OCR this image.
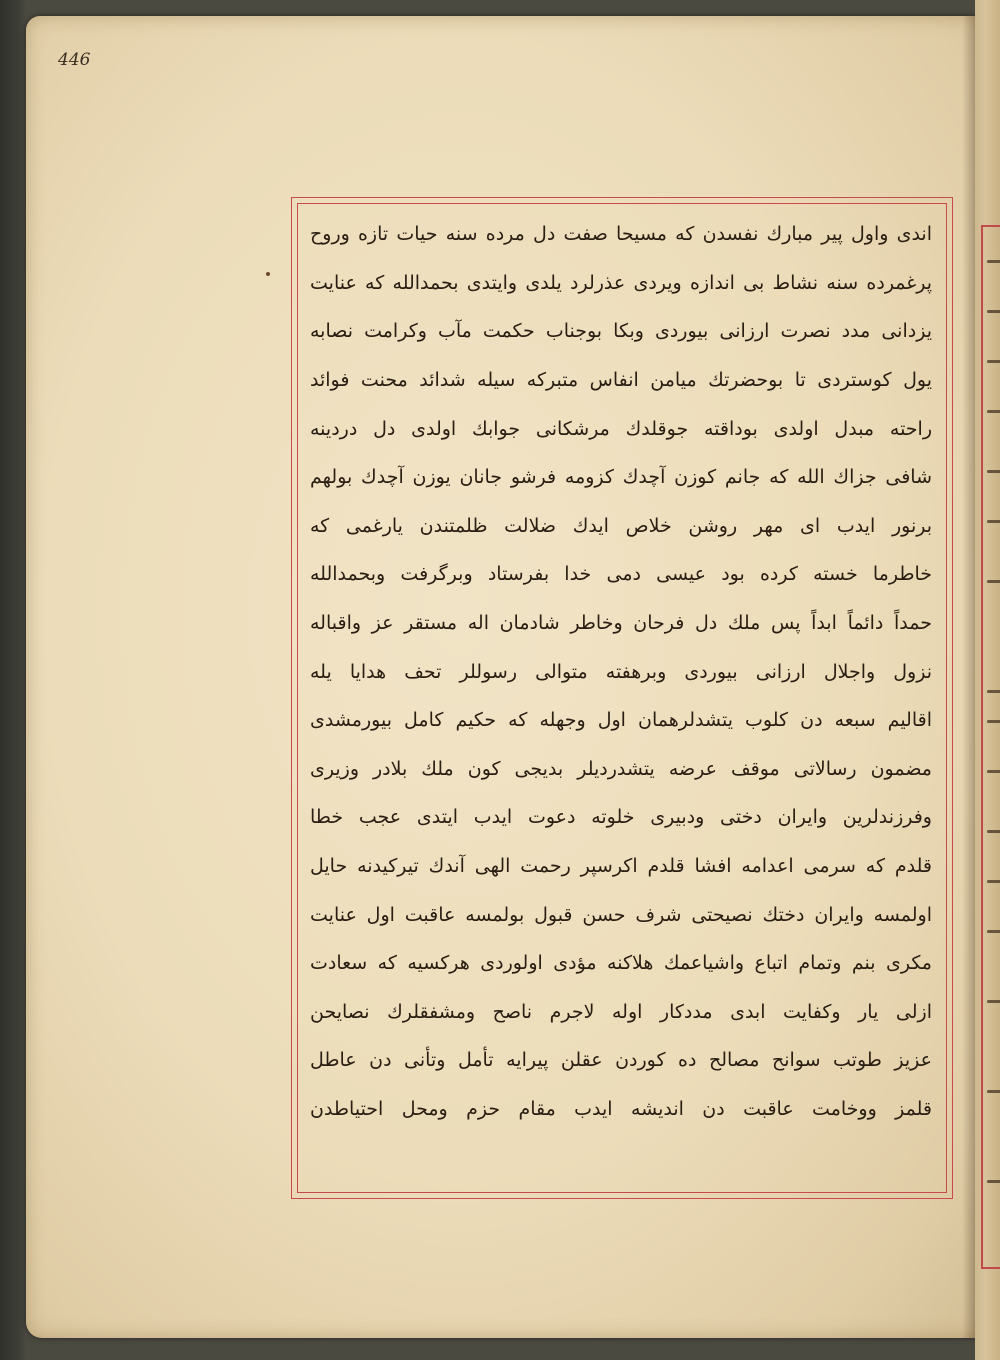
446
اندی واول پیر مبارك نفسدن كه مسیحا صفت دل مرده سنه حیات تازه وروح
پرغمرده سنه نشاط بی اندازه ویردی عذرلرد یلدی وایتدی بحمدالله كه عنایت
یزدانی مدد نصرت ارزانی بیوردی وبكا بوجناب حكمت مآب وكرامت نصابه
یول كوستردی تا بوحضرتك میامن انفاس متبركه سیله شدائد محنت فوائد
راحته مبدل اولدی بوداقته جوقلدك مرشكانی جوابك اولدی دل دردینه
شافی جزاك الله كه جانم كوزن آچدك كزومه فرشو جانان یوزن آچدك بولهم
برنور ایدب ای مهر روشن خلاص ایدك ضلالت ظلمتندن یارغمی كه
خاطرما خسته كرده بود عیسی دمی خدا بفرستاد وبرگرفت وبحمدالله
حمداً دائماً ابداً پس ملك دل فرحان وخاطر شادمان اله مستقر عز واقباله
نزول واجلال ارزانی بیوردی وبرهفته متوالی رسوللر تحف هدایا یله
اقالیم سبعه دن كلوب یتشدلرهمان اول وجهله كه حكیم كامل بیورمشدی
مضمون رسالاتی موقف عرضه یتشدردیلر بدیجی كون ملك بلادر وزیری
وفرزندلرین وایران دختی ودبیری خلوته دعوت ایدب ایتدی عجب خطا
قلدم كه سرمی اعدامه افشا قلدم اكرسپر رحمت الهی آندك تیركیدنه حایل
اولمسه وایران دختك نصیحتی شرف حسن قبول بولمسه عاقبت اول عنایت
مكری بنم وتمام اتباع واشیاعمك هلاكنه مؤدی اولوردی هركسیه كه سعادت
ازلی یار وكفایت ابدی مددكار اوله لاجرم ناصح ومشفقلرك نصایحن
عزیز طوتب سوانح مصالح ده كوردن عقلن پیرایه تأمل وتأنی دن عاطل
قلمز ووخامت عاقبت دن اندیشه ایدب مقام حزم ومحل احتیاطدن
